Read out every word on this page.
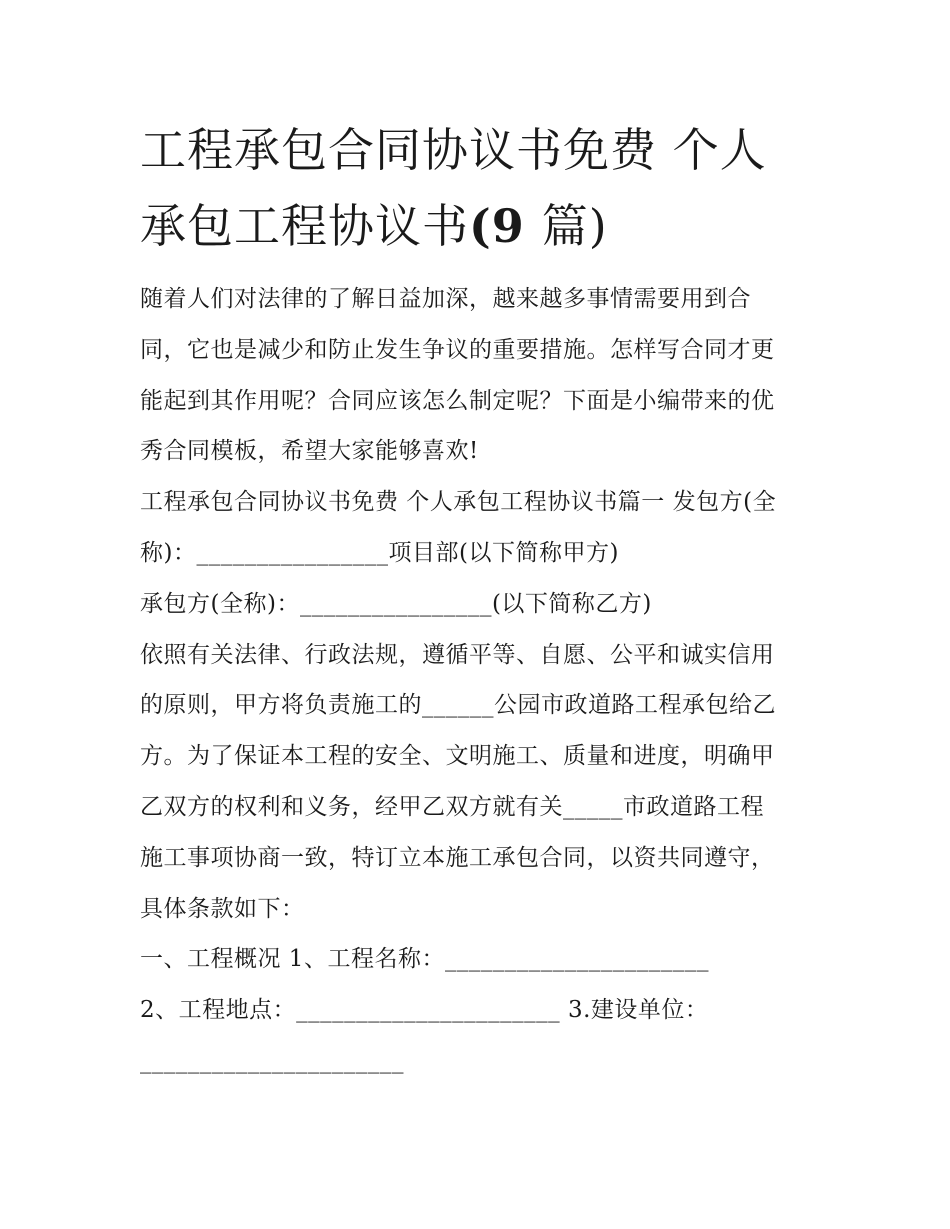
工程承包合同协议书免费 个人
承包工程协议书(9 篇)

随着人们对法律的了解日益加深，越来越多事情需要用到合
同，它也是减少和防止发生争议的重要措施。怎样写合同才更
能起到其作用呢？合同应该怎么制定呢？下面是小编带来的优
秀合同模板，希望大家能够喜欢!

工程承包合同协议书免费 个人承包工程协议书篇一 发包方(全
称)：________________项目部(以下简称甲方)

承包方(全称)：________________(以下简称乙方)

依照有关法律、行政法规，遵循平等、自愿、公平和诚实信用
的原则，甲方将负责施工的______公园市政道路工程承包给乙
方。为了保证本工程的安全、文明施工、质量和进度，明确甲
乙双方的权利和义务，经甲乙双方就有关_____市政道路工程
施工事项协商一致，特订立本施工承包合同，以资共同遵守，
具体条款如下：

一、工程概况 1、工程名称：______________________

2、工程地点：______________________ 3.建设单位：
______________________
